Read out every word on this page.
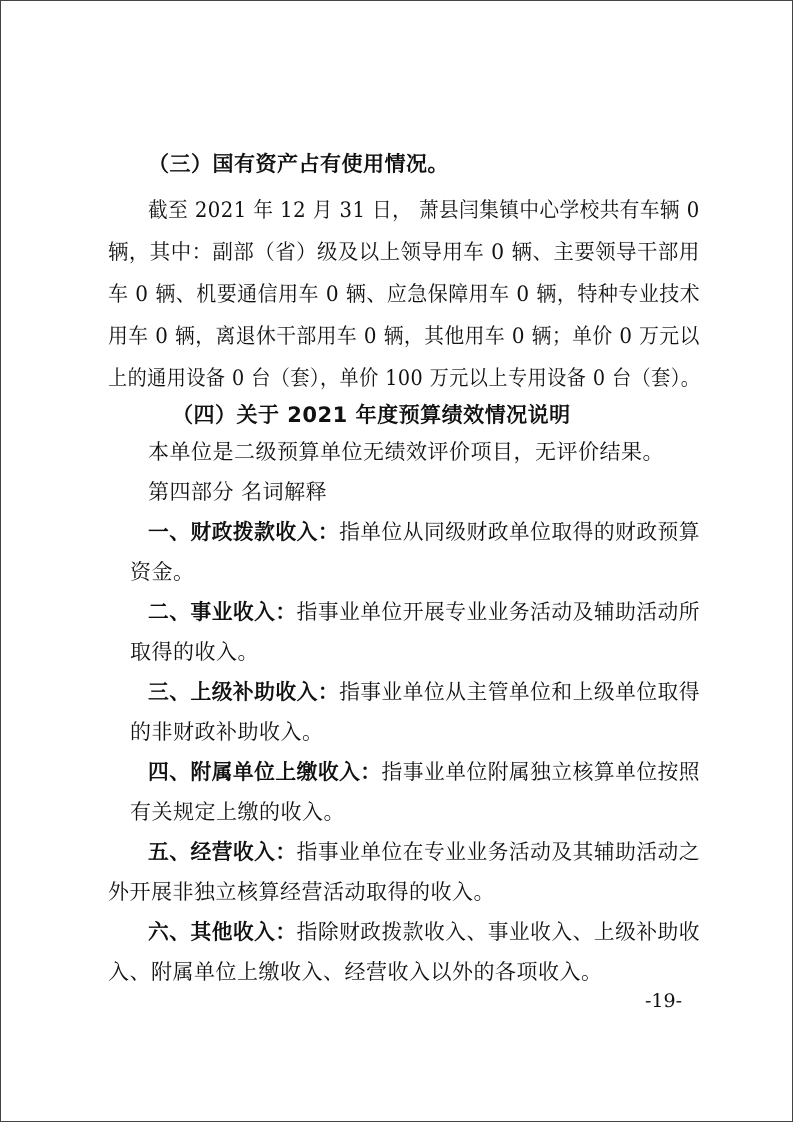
（三）国有资产占有使用情况。
截至 2021 年 12 月 31 日， 萧县闫集镇中心学校共有车辆 0
辆，其中：副部（省）级及以上领导用车 0 辆、主要领导干部用
车 0 辆、机要通信用车 0 辆、应急保障用车 0 辆，特种专业技术
用车 0 辆，离退休干部用车 0 辆，其他用车 0 辆；单价 0 万元以
上的通用设备 0 台（套），单价 100 万元以上专用设备 0 台（套）。
（四）关于 2021 年度预算绩效情况说明
本单位是二级预算单位无绩效评价项目，无评价结果。
第四部分 名词解释
一、财政拨款收入：指单位从同级财政单位取得的财政预算
资金。
二、事业收入：指事业单位开展专业业务活动及辅助活动所
取得的收入。
三、上级补助收入：指事业单位从主管单位和上级单位取得
的非财政补助收入。
四、附属单位上缴收入：指事业单位附属独立核算单位按照
有关规定上缴的收入。
五、经营收入：指事业单位在专业业务活动及其辅助活动之
外开展非独立核算经营活动取得的收入。
六、其他收入：指除财政拨款收入、事业收入、上级补助收
入、附属单位上缴收入、经营收入以外的各项收入。
-19-
